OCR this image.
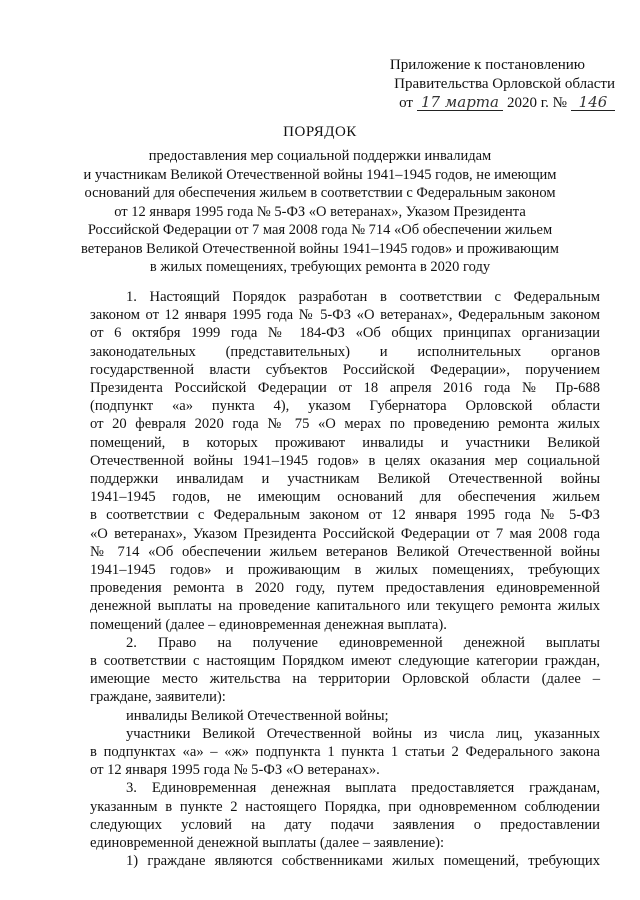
Приложение к постановлению
Правительства Орловской области
от 17 марта 2020 г. № 146
ПОРЯДОК
предоставления мер социальной поддержки инвалидам
и участникам Великой Отечественной войны 1941–1945 годов, не имеющим
оснований для обеспечения жильем в соответствии с Федеральным законом
от 12 января 1995 года № 5-ФЗ «О ветеранах», Указом Президента
Российской Федерации от 7 мая 2008 года № 714 «Об обеспечении жильем
ветеранов Великой Отечественной войны 1941–1945 годов» и проживающим
в жилых помещениях, требующих ремонта в 2020 году
1. Настоящий Порядок разработан в соответствии с Федеральным
законом от 12 января 1995 года № 5-ФЗ «О ветеранах», Федеральным законом
от 6 октября 1999 года № 184-ФЗ «Об общих принципах организации
законодательных (представительных) и исполнительных органов
государственной власти субъектов Российской Федерации», поручением
Президента Российской Федерации от 18 апреля 2016 года № Пр-688
(подпункт «а» пункта 4), указом Губернатора Орловской области
от 20 февраля 2020 года № 75 «О мерах по проведению ремонта жилых
помещений, в которых проживают инвалиды и участники Великой
Отечественной войны 1941–1945 годов» в целях оказания мер социальной
поддержки инвалидам и участникам Великой Отечественной войны
1941–1945 годов, не имеющим оснований для обеспечения жильем
в соответствии с Федеральным законом от 12 января 1995 года № 5-ФЗ
«О ветеранах», Указом Президента Российской Федерации от 7 мая 2008 года
№ 714 «Об обеспечении жильем ветеранов Великой Отечественной войны
1941–1945 годов» и проживающим в жилых помещениях, требующих
проведения ремонта в 2020 году, путем предоставления единовременной
денежной выплаты на проведение капитального или текущего ремонта жилых
помещений (далее – единовременная денежная выплата).
2. Право на получение единовременной денежной выплаты
в соответствии с настоящим Порядком имеют следующие категории граждан,
имеющие место жительства на территории Орловской области (далее –
граждане, заявители):
инвалиды Великой Отечественной войны;
участники Великой Отечественной войны из числа лиц, указанных
в подпунктах «а» – «ж» подпункта 1 пункта 1 статьи 2 Федерального закона
от 12 января 1995 года № 5-ФЗ «О ветеранах».
3. Единовременная денежная выплата предоставляется гражданам,
указанным в пункте 2 настоящего Порядка, при одновременном соблюдении
следующих условий на дату подачи заявления о предоставлении
единовременной денежной выплаты (далее – заявление):
1) граждане являются собственниками жилых помещений, требующих
